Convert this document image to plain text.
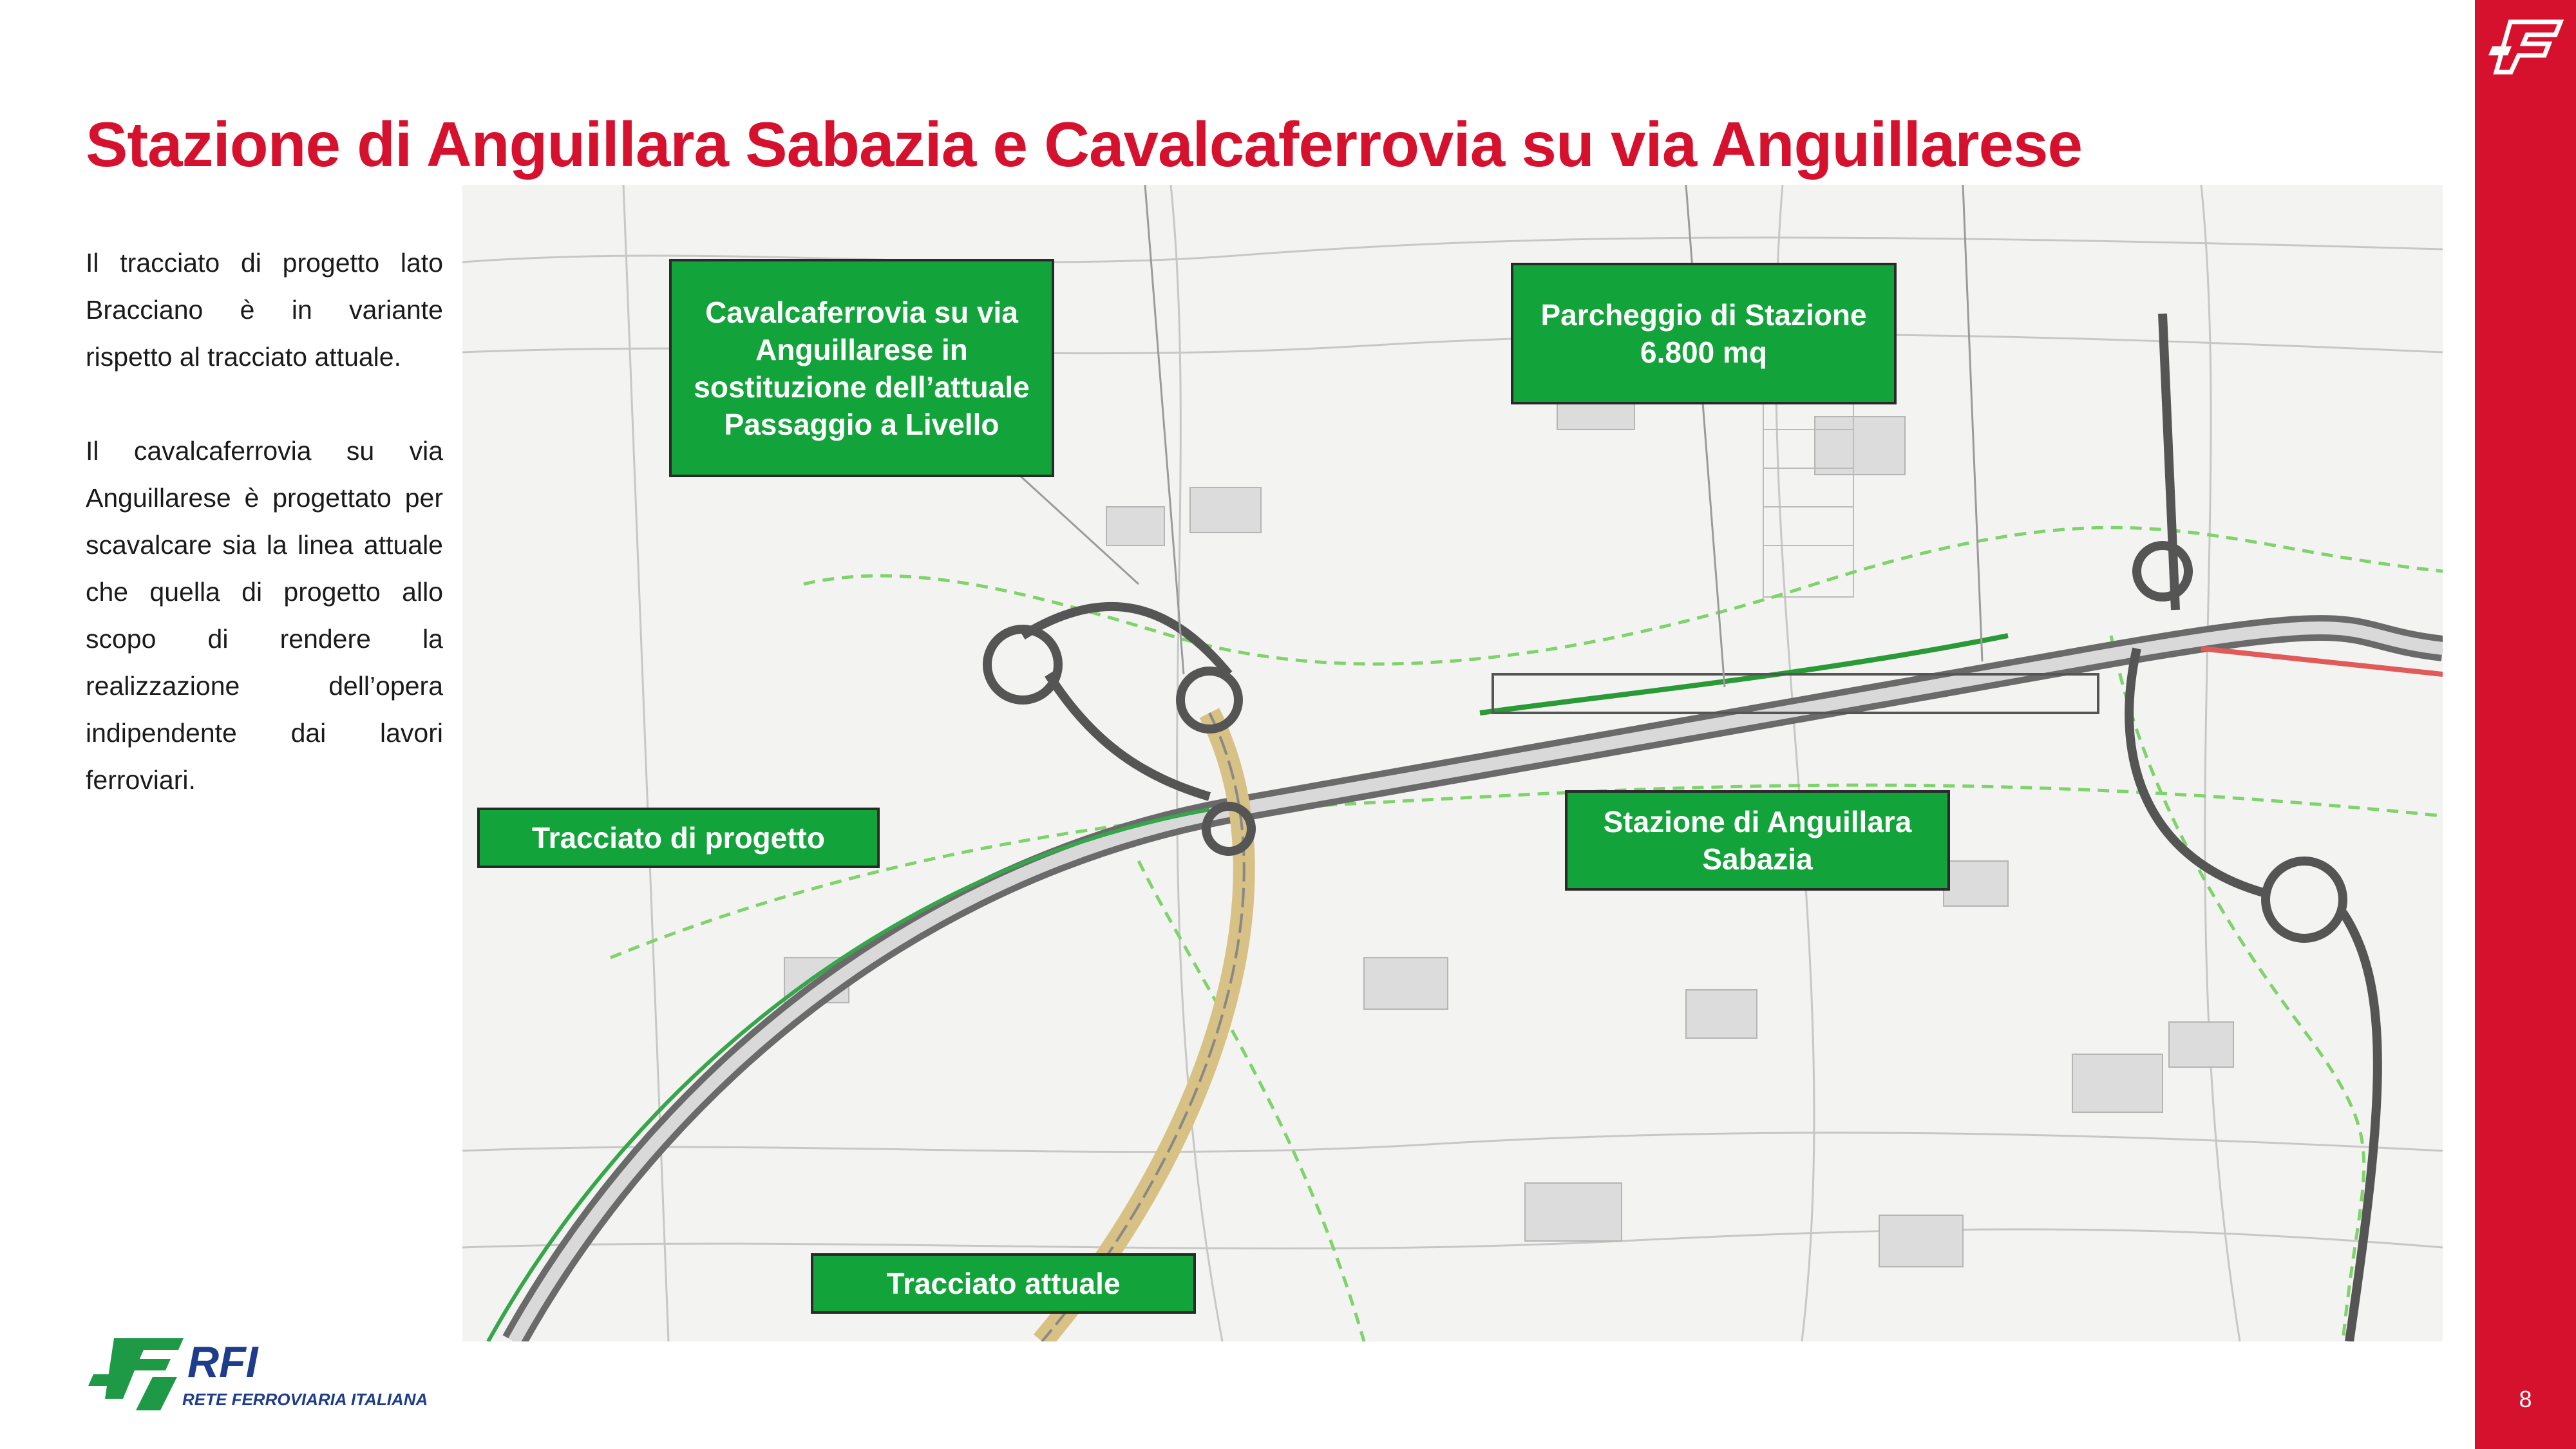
8
Stazione di Anguillara Sabazia e Cavalcaferrovia su via Anguillarese

Il tracciato di progetto lato Bracciano è in variante rispetto al tracciato attuale.

Il cavalcaferrovia su via Anguillarese è progettato per scavalcare sia la linea attuale che quella di progetto allo scopo di rendere la realizzazione dell’opera indipendente dai lavori ferroviari.

Cavalcaferrovia su via Anguillarese in sostituzione dell’attuale Passaggio a Livello
Parcheggio di Stazione 6.800 mq
Tracciato di progetto	Stazione di Anguillara Sabazia
Tracciato attuale
RFI
RETE FERROVIARIA ITALIANA
